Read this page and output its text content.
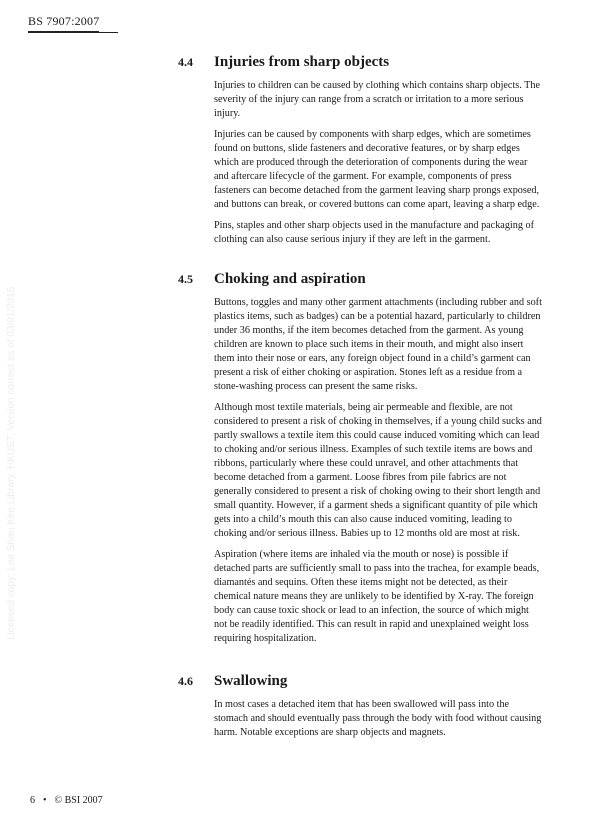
BS 7907:2007
Licensed copy: Lee Shau Kee Library, HKUST, Version correct as of 03/01/2015
4.4	Injuries from sharp objects

Injuries to children can be caused by clothing which contains sharp objects. The severity of the injury can range from a scratch or irritation to a more serious injury.

Injuries can be caused by components with sharp edges, which are sometimes found on buttons, slide fasteners and decorative features, or by sharp edges which are produced through the deterioration of components during the wear and aftercare lifecycle of the garment. For example, components of press fasteners can become detached from the garment leaving sharp prongs exposed, and buttons can break, or covered buttons can come apart, leaving a sharp edge.

Pins, staples and other sharp objects used in the manufacture and packaging of clothing can also cause serious injury if they are left in the garment.

4.5	Choking and aspiration

Buttons, toggles and many other garment attachments (including rubber and soft plastics items, such as badges) can be a potential hazard, particularly to children under 36 months, if the item becomes detached from the garment. As young children are known to place such items in their mouth, and might also insert them into their nose or ears, any foreign object found in a child’s garment can present a risk of either choking or aspiration. Stones left as a residue from a stone-washing process can present the same risks.

Although most textile materials, being air permeable and flexible, are not considered to present a risk of choking in themselves, if a young child sucks and partly swallows a textile item this could cause induced vomiting which can lead to choking and/or serious illness. Examples of such textile items are bows and ribbons, particularly where these could unravel, and other attachments that become detached from a garment. Loose fibres from pile fabrics are not generally considered to present a risk of choking owing to their short length and small quantity. However, if a garment sheds a significant quantity of pile which gets into a child’s mouth this can also cause induced vomiting, leading to choking and/or serious illness. Babies up to 12 months old are most at risk.

Aspiration (where items are inhaled via the mouth or nose) is possible if detached parts are sufficiently small to pass into the trachea, for example beads, diamantés and sequins. Often these items might not be detected, as their chemical nature means they are unlikely to be identified by X-ray. The foreign body can cause toxic shock or lead to an infection, the source of which might not be readily identified. This can result in rapid and unexplained weight loss requiring hospitalization.

4.6	Swallowing

In most cases a detached item that has been swallowed will pass into the stomach and should eventually pass through the body with food without causing harm. Notable exceptions are sharp objects and magnets.

6 • © BSI 2007
